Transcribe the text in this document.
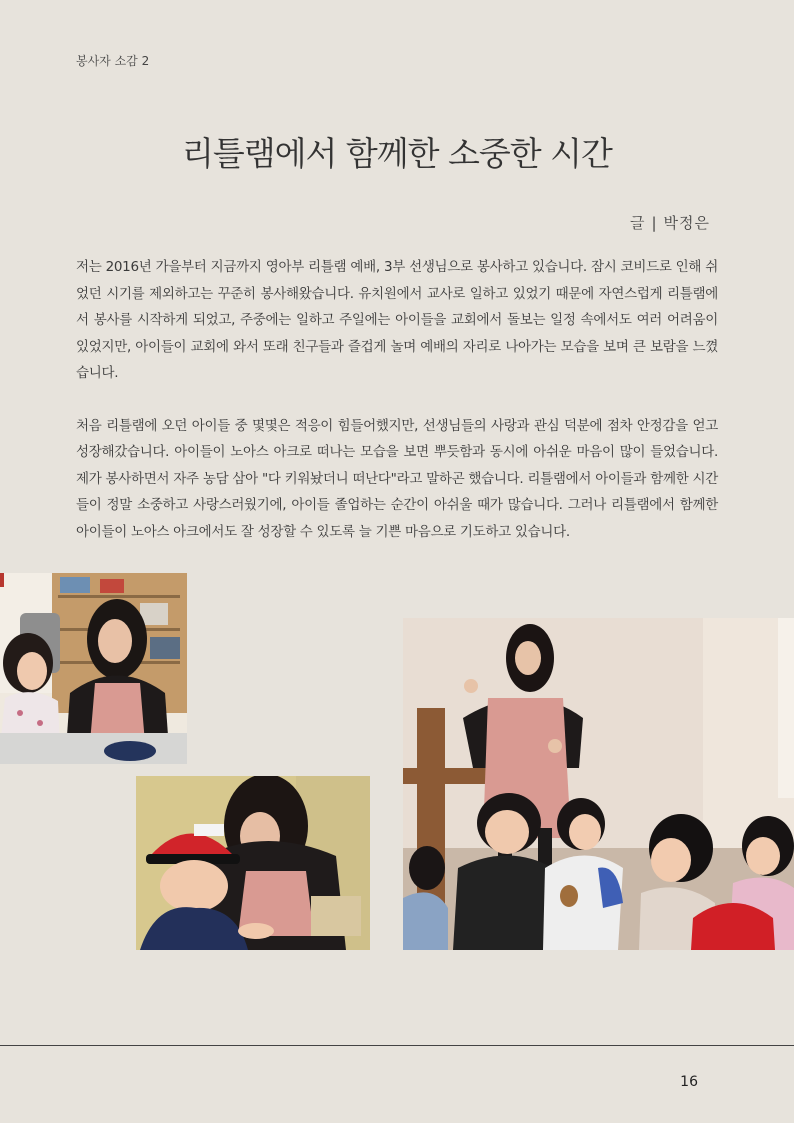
봉사자 소감 2
리틀램에서 함께한 소중한 시간
글 | 박정은

저는 2016년 가을부터 지금까지 영아부 리틀램 예배, 3부 선생님으로 봉사하고 있습니다. 잠시 코비드로 인해 쉬었던 시기를 제외하고는 꾸준히 봉사해왔습니다. 유치원에서 교사로 일하고 있었기 때문에 자연스럽게 리틀램에서 봉사를 시작하게 되었고, 주중에는 일하고 주일에는 아이들을 교회에서 돌보는 일정 속에서도 여러 어려움이 있었지만, 아이들이 교회에 와서 또래 친구들과 즐겁게 놀며 예배의 자리로 나아가는 모습을 보며 큰 보람을 느꼈습니다.

처음 리틀램에 오던 아이들 중 몇몇은 적응이 힘들어했지만, 선생님들의 사랑과 관심 덕분에 점차 안정감을 얻고 성장해갔습니다. 아이들이 노아스 아크로 떠나는 모습을 보면 뿌듯함과 동시에 아쉬운 마음이 많이 들었습니다. 제가 봉사하면서 자주 농담 삼아 "다 키워놨더니 떠난다"라고 말하곤 했습니다. 리틀램에서 아이들과 함께한 시간들이 정말 소중하고 사랑스러웠기에, 아이들 졸업하는 순간이 아쉬울 때가 많습니다. 그러나 리틀램에서 함께한 아이들이 노아스 아크에서도 잘 성장할 수 있도록 늘 기쁜 마음으로 기도하고 있습니다.

16
